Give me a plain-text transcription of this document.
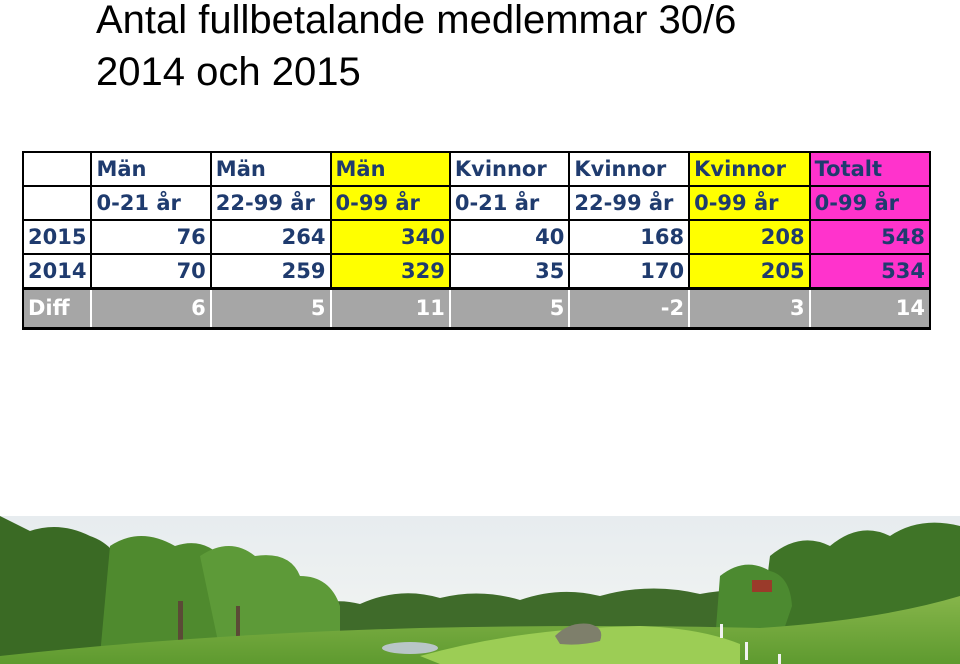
Antal fullbetalande medlemmar 30/6
2014 och 2015
	Män	Män	Män	Kvinnor	Kvinnor	Kvinnor	Totalt
	0-21 år	22-99 år	0-99 år	0-21 år	22-99 år	0-99 år	0-99 år
2015	76	264	340	40	168	208	548
2014	70	259	329	35	170	205	534
Diff	6	5	11	5	-2	3	14
